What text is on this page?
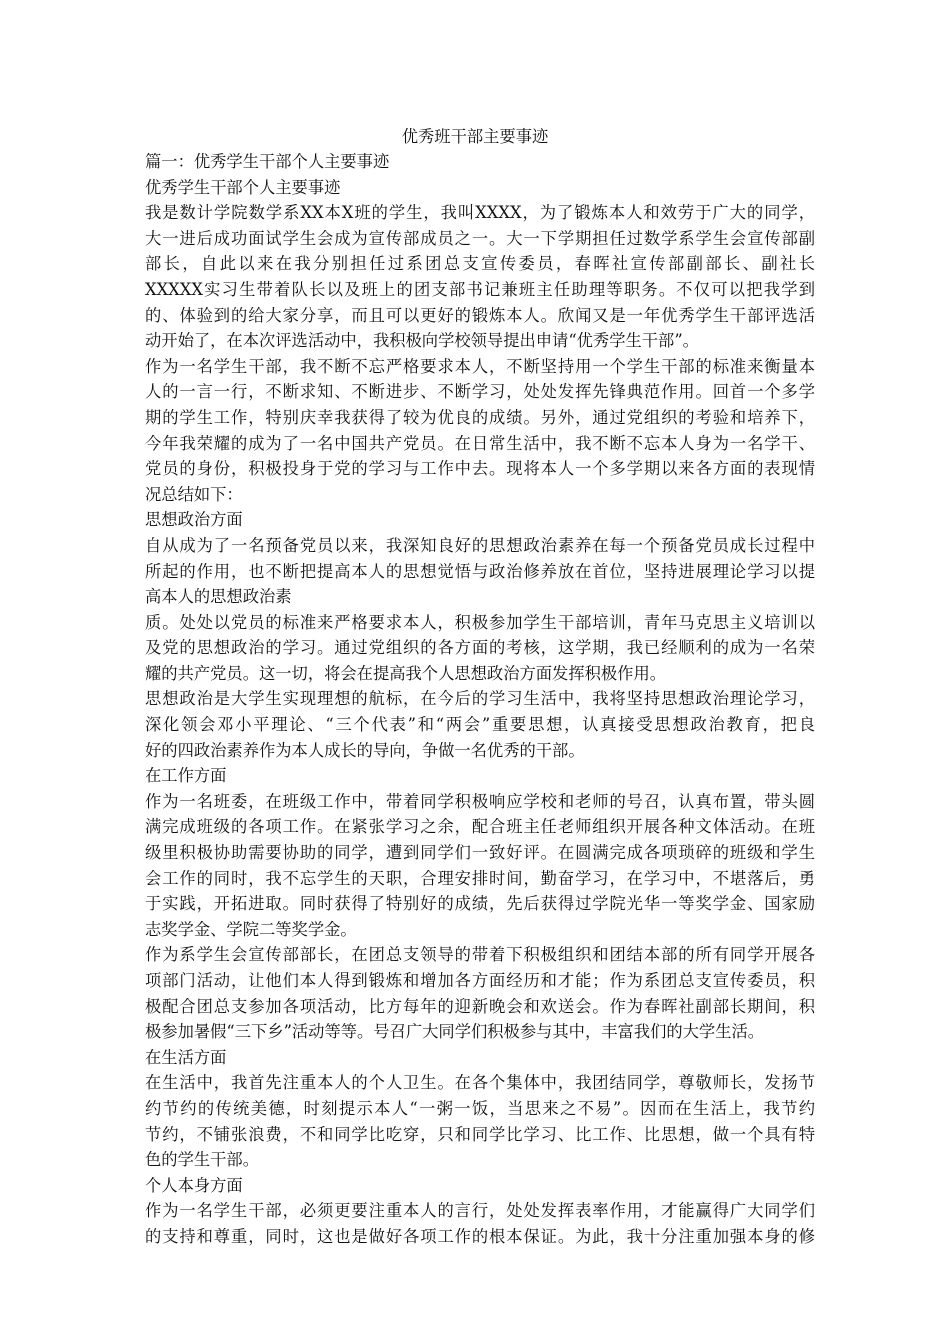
优秀班干部主要事迹
篇一：优秀学生干部个人主要事迹
优秀学生干部个人主要事迹
我是数计学院数学系XX本X班的学生，我叫XXXX，为了锻炼本人和效劳于广大的同学，
大一进后成功面试学生会成为宣传部成员之一。大一下学期担任过数学系学生会宣传部副
部长，自此以来在我分别担任过系团总支宣传委员，春晖社宣传部副部长、副社长
XXXXX实习生带着队长以及班上的团支部书记兼班主任助理等职务。不仅可以把我学到
的、体验到的给大家分享，而且可以更好的锻炼本人。欣闻又是一年优秀学生干部评选活
动开始了，在本次评选活动中，我积极向学校领导提出申请“优秀学生干部”。
作为一名学生干部，我不断不忘严格要求本人，不断坚持用一个学生干部的标准来衡量本
人的一言一行，不断求知、不断进步、不断学习，处处发挥先锋典范作用。回首一个多学
期的学生工作，特别庆幸我获得了较为优良的成绩。另外，通过党组织的考验和培养下，
今年我荣耀的成为了一名中国共产党员。在日常生活中，我不断不忘本人身为一名学干、
党员的身份，积极投身于党的学习与工作中去。现将本人一个多学期以来各方面的表现情
况总结如下：
思想政治方面
自从成为了一名预备党员以来，我深知良好的思想政治素养在每一个预备党员成长过程中
所起的作用，也不断把提高本人的思想觉悟与政治修养放在首位，坚持进展理论学习以提
高本人的思想政治素
质。处处以党员的标准来严格要求本人，积极参加学生干部培训，青年马克思主义培训以
及党的思想政治的学习。通过党组织的各方面的考核，这学期，我已经顺利的成为一名荣
耀的共产党员。这一切，将会在提高我个人思想政治方面发挥积极作用。
思想政治是大学生实现理想的航标，在今后的学习生活中，我将坚持思想政治理论学习，
深化领会邓小平理论、“三个代表”和“两会”重要思想，认真接受思想政治教育，把良
好的四政治素养作为本人成长的导向，争做一名优秀的干部。
在工作方面
作为一名班委，在班级工作中，带着同学积极响应学校和老师的号召，认真布置，带头圆
满完成班级的各项工作。在紧张学习之余，配合班主任老师组织开展各种文体活动。在班
级里积极协助需要协助的同学，遭到同学们一致好评。在圆满完成各项琐碎的班级和学生
会工作的同时，我不忘学生的天职，合理安排时间，勤奋学习，在学习中，不堪落后，勇
于实践，开拓进取。同时获得了特别好的成绩，先后获得过学院光华一等奖学金、国家励
志奖学金、学院二等奖学金。
作为系学生会宣传部部长，在团总支领导的带着下积极组织和团结本部的所有同学开展各
项部门活动，让他们本人得到锻炼和增加各方面经历和才能；作为系团总支宣传委员，积
极配合团总支参加各项活动，比方每年的迎新晚会和欢送会。作为春晖社副部长期间，积
极参加暑假“三下乡”活动等等。号召广大同学们积极参与其中，丰富我们的大学生活。
在生活方面
在生活中，我首先注重本人的个人卫生。在各个集体中，我团结同学，尊敬师长，发扬节
约节约的传统美德，时刻提示本人“一粥一饭，当思来之不易”。因而在生活上，我节约
节约，不铺张浪费，不和同学比吃穿，只和同学比学习、比工作、比思想，做一个具有特
色的学生干部。
个人本身方面
作为一名学生干部，必须更要注重本人的言行，处处发挥表率作用，才能赢得广大同学们
的支持和尊重，同时，这也是做好各项工作的根本保证。为此，我十分注重加强本身的修
